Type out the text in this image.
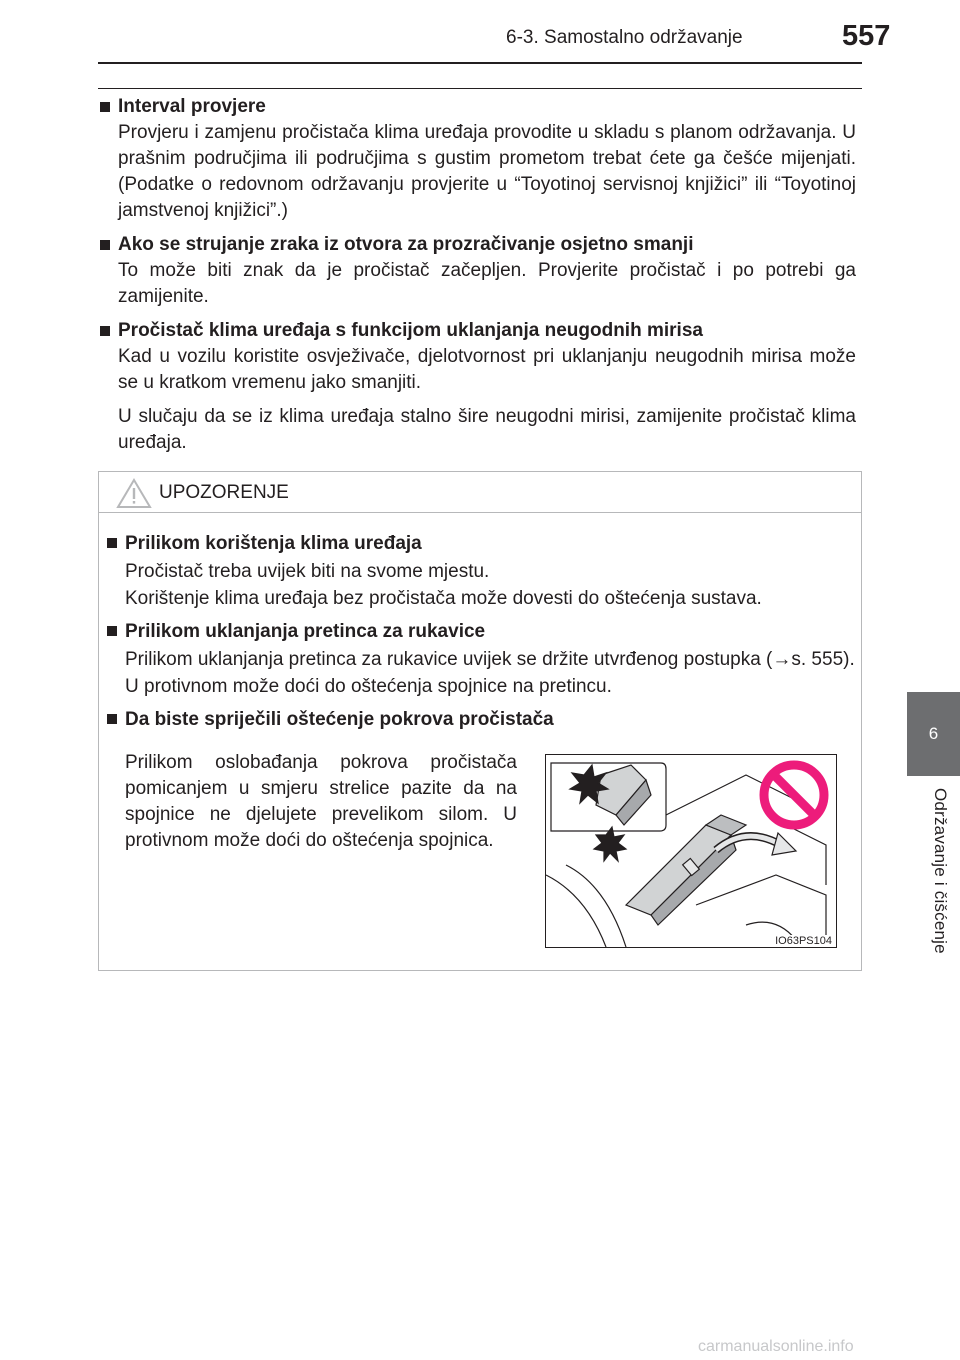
6-3. Samostalno održavanje	557
6
Održavanje i čišćenje

Interval provjere

Provjeru i zamjenu pročistača klima uređaja provodite u skladu s planom održavanja. U prašnim područjima ili područjima s gustim prometom trebat ćete ga češće mijenjati. (Podatke o redovnom održavanju provjerite u “Toyotinoj servisnoj knjižici” ili “Toyotinoj jamstvenoj knjižici”.)

Ako se strujanje zraka iz otvora za prozračivanje osjetno smanji

To može biti znak da je pročistač začepljen. Provjerite pročistač i po potrebi ga zamijenite.

Pročistač klima uređaja s funkcijom uklanjanja neugodnih mirisa

Kad u vozilu koristite osvježivače, djelotvornost pri uklanjanju neugodnih mirisa može se u kratkom vremenu jako smanjiti.

U slučaju da se iz klima uređaja stalno šire neugodni mirisi, zamijenite pročistač klima uređaja.

UPOZORENJE

Prilikom korištenja klima uređaja

Pročistač treba uvijek biti na svome mjestu.

Korištenje klima uređaja bez pročistača može dovesti do oštećenja sustava.

Prilikom uklanjanja pretinca za rukavice

Prilikom uklanjanja pretinca za rukavice uvijek se držite utvrđenog postupka (→s. 555). U protivnom može doći do oštećenja spojnice na pretincu.

Da biste spriječili oštećenje pokrova pročistača

Prilikom oslobađanja pokrova pročistača pomicanjem u smjeru strelice pazite da na spojnice ne djelujete prevelikom silom. U protivnom može doći do oštećenja spojnica.
IO63PS104
carmanualsonline.info
